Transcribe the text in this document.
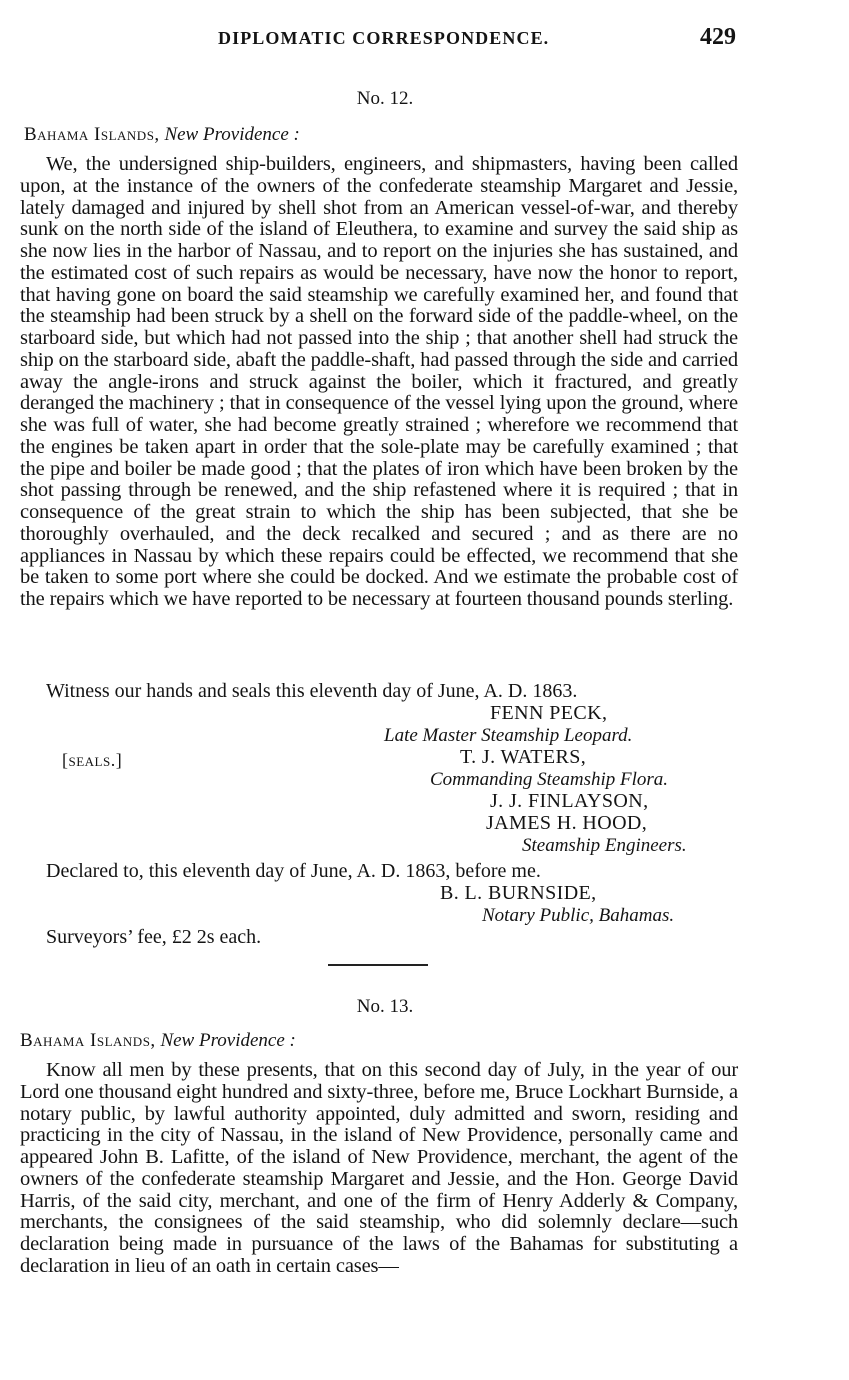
DIPLOMATIC CORRESPONDENCE.	429
No. 12.
Bahama Islands, New Providence :
We, the undersigned ship-builders, engineers, and shipmasters, having been called upon, at the instance of the owners of the confederate steamship Margaret and Jessie, lately damaged and injured by shell shot from an American vessel-of-war, and thereby sunk on the north side of the island of Eleuthera, to examine and survey the said ship as she now lies in the harbor of Nassau, and to report on the injuries she has sustained, and the estimated cost of such repairs as would be necessary, have now the honor to report, that having gone on board the said steamship we carefully examined her, and found that the steamship had been struck by a shell on the forward side of the paddle-wheel, on the starboard side, but which had not passed into the ship ; that another shell had struck the ship on the starboard side, abaft the paddle-shaft, had passed through the side and carried away the angle-irons and struck against the boiler, which it fractured, and greatly deranged the machinery ; that in consequence of the vessel lying upon the ground, where she was full of water, she had become greatly strained ; wherefore we recommend that the engines be taken apart in order that the sole-plate may be carefully examined ; that the pipe and boiler be made good ; that the plates of iron which have been broken by the shot passing through be renewed, and the ship refastened where it is required ; that in consequence of the great strain to which the ship has been subjected, that she be thoroughly overhauled, and the deck recalked and secured ; and as there are no appliances in Nassau by which these repairs could be effected, we recommend that she be taken to some port where she could be docked. And we estimate the probable cost of the repairs which we have reported to be necessary at fourteen thousand pounds sterling.
Witness our hands and seals this eleventh day of June, A. D. 1863.
[seals.]
FENN PECK,
Late Master Steamship Leopard.
T. J. WATERS,
Commanding Steamship Flora.
J. J. FINLAYSON,
JAMES H. HOOD,
Steamship Engineers.
Declared to, this eleventh day of June, A. D. 1863, before me.
B. L. BURNSIDE,
Notary Public, Bahamas.
Surveyors’ fee, £2 2s each.
No. 13.
Bahama Islands, New Providence :
Know all men by these presents, that on this second day of July, in the year of our Lord one thousand eight hundred and sixty-three, before me, Bruce Lockhart Burnside, a notary public, by lawful authority appointed, duly admitted and sworn, residing and practicing in the city of Nassau, in the island of New Providence, personally came and appeared John B. Lafitte, of the island of New Providence, merchant, the agent of the owners of the confederate steamship Margaret and Jessie, and the Hon. George David Harris, of the said city, merchant, and one of the firm of Henry Adderly & Company, merchants, the consignees of the said steamship, who did solemnly declare—such declaration being made in pursuance of the laws of the Bahamas for substituting a declaration in lieu of an oath in certain cases—
